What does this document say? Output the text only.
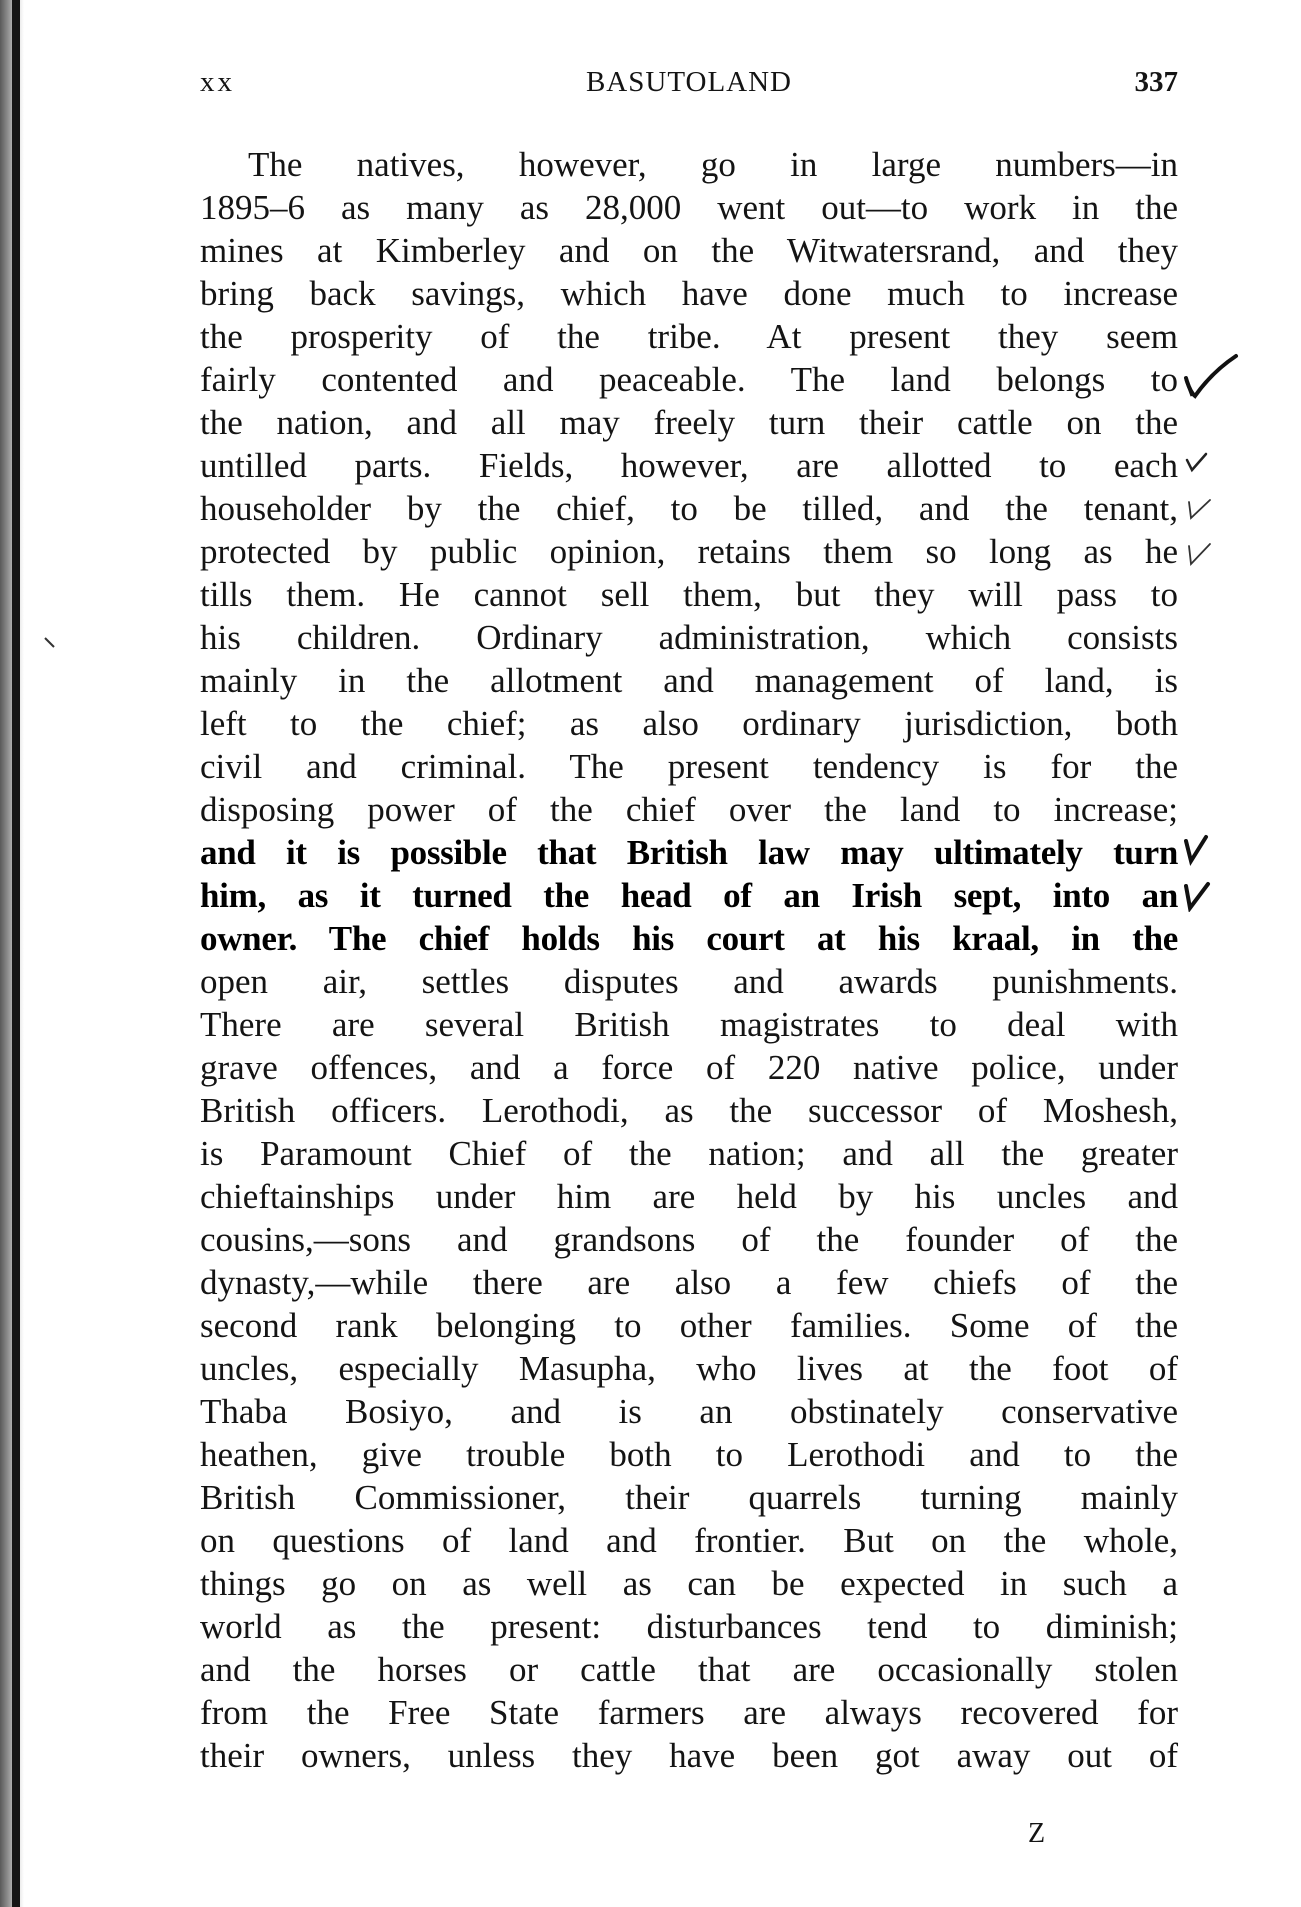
xx	BASUTOLAND	337
The natives, however, go in large numbers—in
1895–6 as many as 28,000 went out—to work in the
mines at Kimberley and on the Witwatersrand, and they
bring back savings, which have done much to increase
the prosperity of the tribe. At present they seem
fairly contented and peaceable. The land belongs to
the nation, and all may freely turn their cattle on the
untilled parts. Fields, however, are allotted to each
householder by the chief, to be tilled, and the tenant,
protected by public opinion, retains them so long as he
tills them. He cannot sell them, but they will pass to
his children. Ordinary administration, which consists
mainly in the allotment and management of land, is
left to the chief; as also ordinary jurisdiction, both
civil and criminal. The present tendency is for the
disposing power of the chief over the land to increase;
and it is possible that British law may ultimately turn
him, as it turned the head of an Irish sept, into an
owner. The chief holds his court at his kraal, in the
open air, settles disputes and awards punishments.
There are several British magistrates to deal with
grave offences, and a force of 220 native police, under
British officers. Lerothodi, as the successor of Moshesh,
is Paramount Chief of the nation; and all the greater
chieftainships under him are held by his uncles and
cousins,—sons and grandsons of the founder of the
dynasty,—while there are also a few chiefs of the
second rank belonging to other families. Some of the
uncles, especially Masupha, who lives at the foot of
Thaba Bosiyo, and is an obstinately conservative
heathen, give trouble both to Lerothodi and to the
British Commissioner, their quarrels turning mainly
on questions of land and frontier. But on the whole,
things go on as well as can be expected in such a
world as the present: disturbances tend to diminish;
and the horses or cattle that are occasionally stolen
from the Free State farmers are always recovered for
their owners, unless they have been got away out of
Z
